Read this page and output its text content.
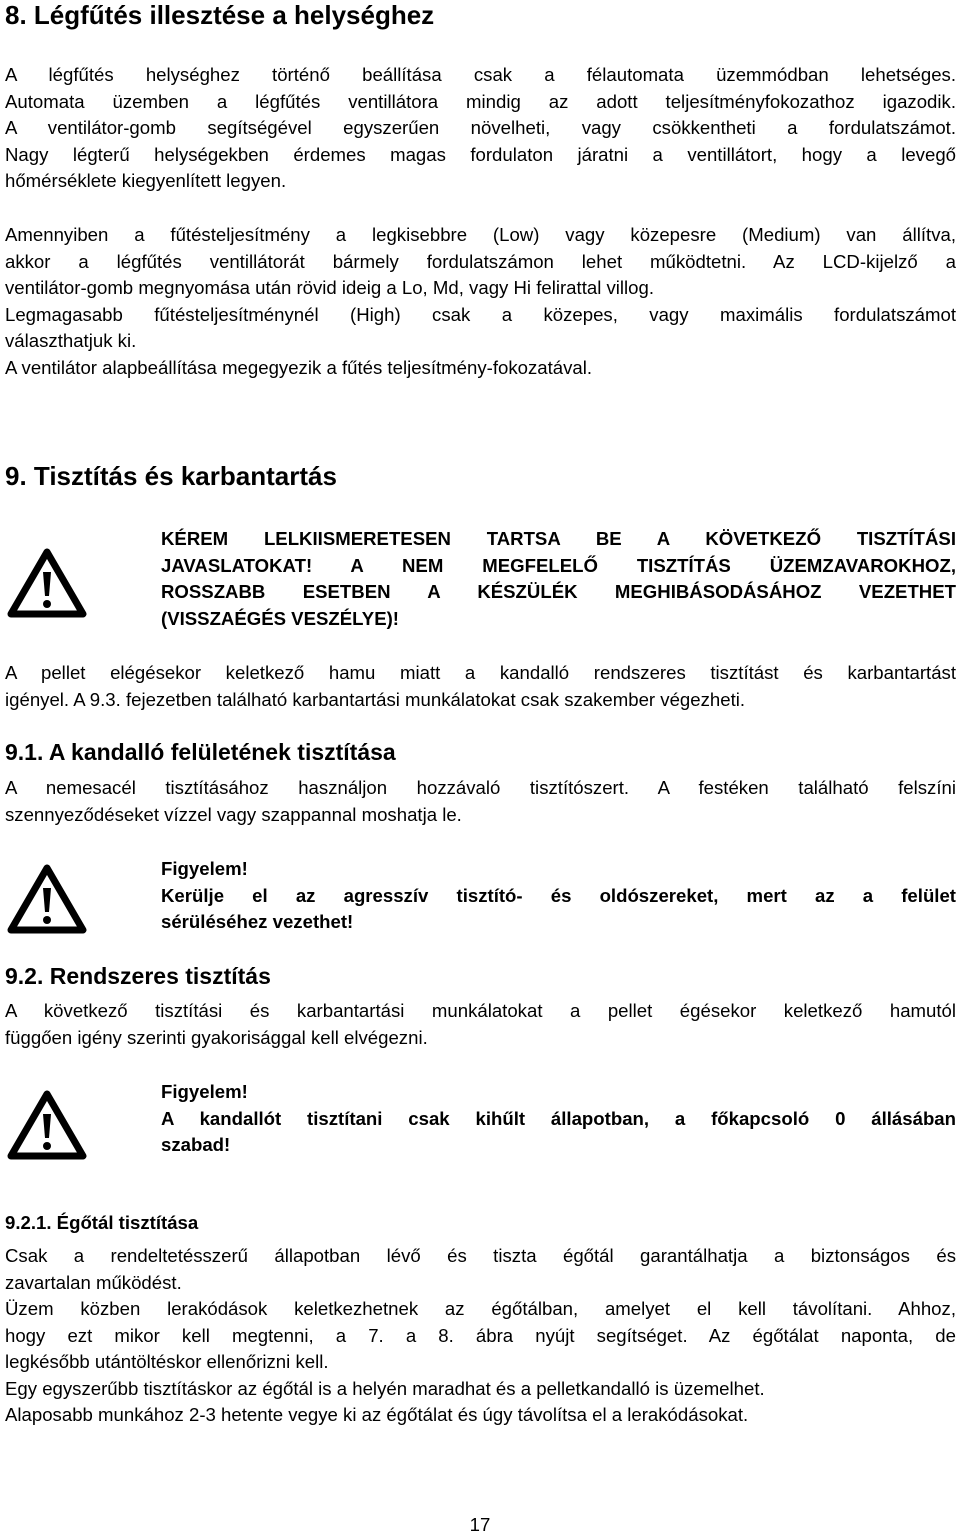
8. Légfűtés illesztése a helységhez
A légfűtés helységhez történő beállítása csak a félautomata üzemmódban lehetséges.
Automata üzemben a légfűtés ventillátora mindig az adott teljesítményfokozathoz igazodik.
A ventilátor-gomb segítségével egyszerűen növelheti, vagy csökkentheti a fordulatszámot.
Nagy légterű helységekben érdemes magas fordulaton járatni a ventillátort, hogy a levegő
hőmérséklete kiegyenlített legyen.
Amennyiben a fűtésteljesítmény a legkisebbre (Low) vagy közepesre (Medium) van állítva,
akkor a légfűtés ventillátorát bármely fordulatszámon lehet működtetni. Az LCD-kijelző a
ventilátor-gomb megnyomása után rövid ideig a Lo, Md, vagy Hi felirattal villog.
Legmagasabb fűtésteljesítménynél (High) csak a közepes, vagy maximális fordulatszámot
választhatjuk ki.
A ventilátor alapbeállítása megegyezik a fűtés teljesítmény-fokozatával.
9. Tisztítás és karbantartás
KÉREM LELKIISMERETESEN TARTSA BE A KÖVETKEZŐ TISZTÍTÁSI
JAVASLATOKAT! A NEM MEGFELELŐ TISZTÍTÁS ÜZEMZAVAROKHOZ,
ROSSZABB ESETBEN A KÉSZÜLÉK MEGHIBÁSODÁSÁHOZ VEZETHET
(VISSZAÉGÉS VESZÉLYE)!
A pellet elégésekor keletkező hamu miatt a kandalló rendszeres tisztítást és karbantartást
igényel. A 9.3. fejezetben található karbantartási munkálatokat csak szakember végezheti.
9.1. A kandalló felületének tisztítása
A nemesacél tisztításához használjon hozzávaló tisztítószert. A festéken található felszíni
szennyeződéseket vízzel vagy szappannal moshatja le.
Figyelem!
Kerülje el az agresszív tisztító- és oldószereket, mert az a felület
sérüléséhez vezethet!
9.2. Rendszeres tisztítás
A következő tisztítási és karbantartási munkálatokat a pellet égésekor keletkező hamutól
függően igény szerinti gyakorisággal kell elvégezni.
Figyelem!
A kandallót tisztítani csak kihűlt állapotban, a főkapcsoló 0 állásában
szabad!
9.2.1. Égőtál tisztítása
Csak a rendeltetésszerű állapotban lévő és tiszta égőtál garantálhatja a biztonságos és
zavartalan működést.
Üzem közben lerakódások keletkezhetnek az égőtálban, amelyet el kell távolítani. Ahhoz,
hogy ezt mikor kell megtenni, a 7. a 8. ábra nyújt segítséget. Az égőtálat naponta, de
legkésőbb utántöltéskor ellenőrizni kell.
Egy egyszerűbb tisztításkor az égőtál is a helyén maradhat és a pelletkandalló is üzemelhet.
Alaposabb munkához 2-3 hetente vegye ki az égőtálat és úgy távolítsa el a lerakódásokat.
17
